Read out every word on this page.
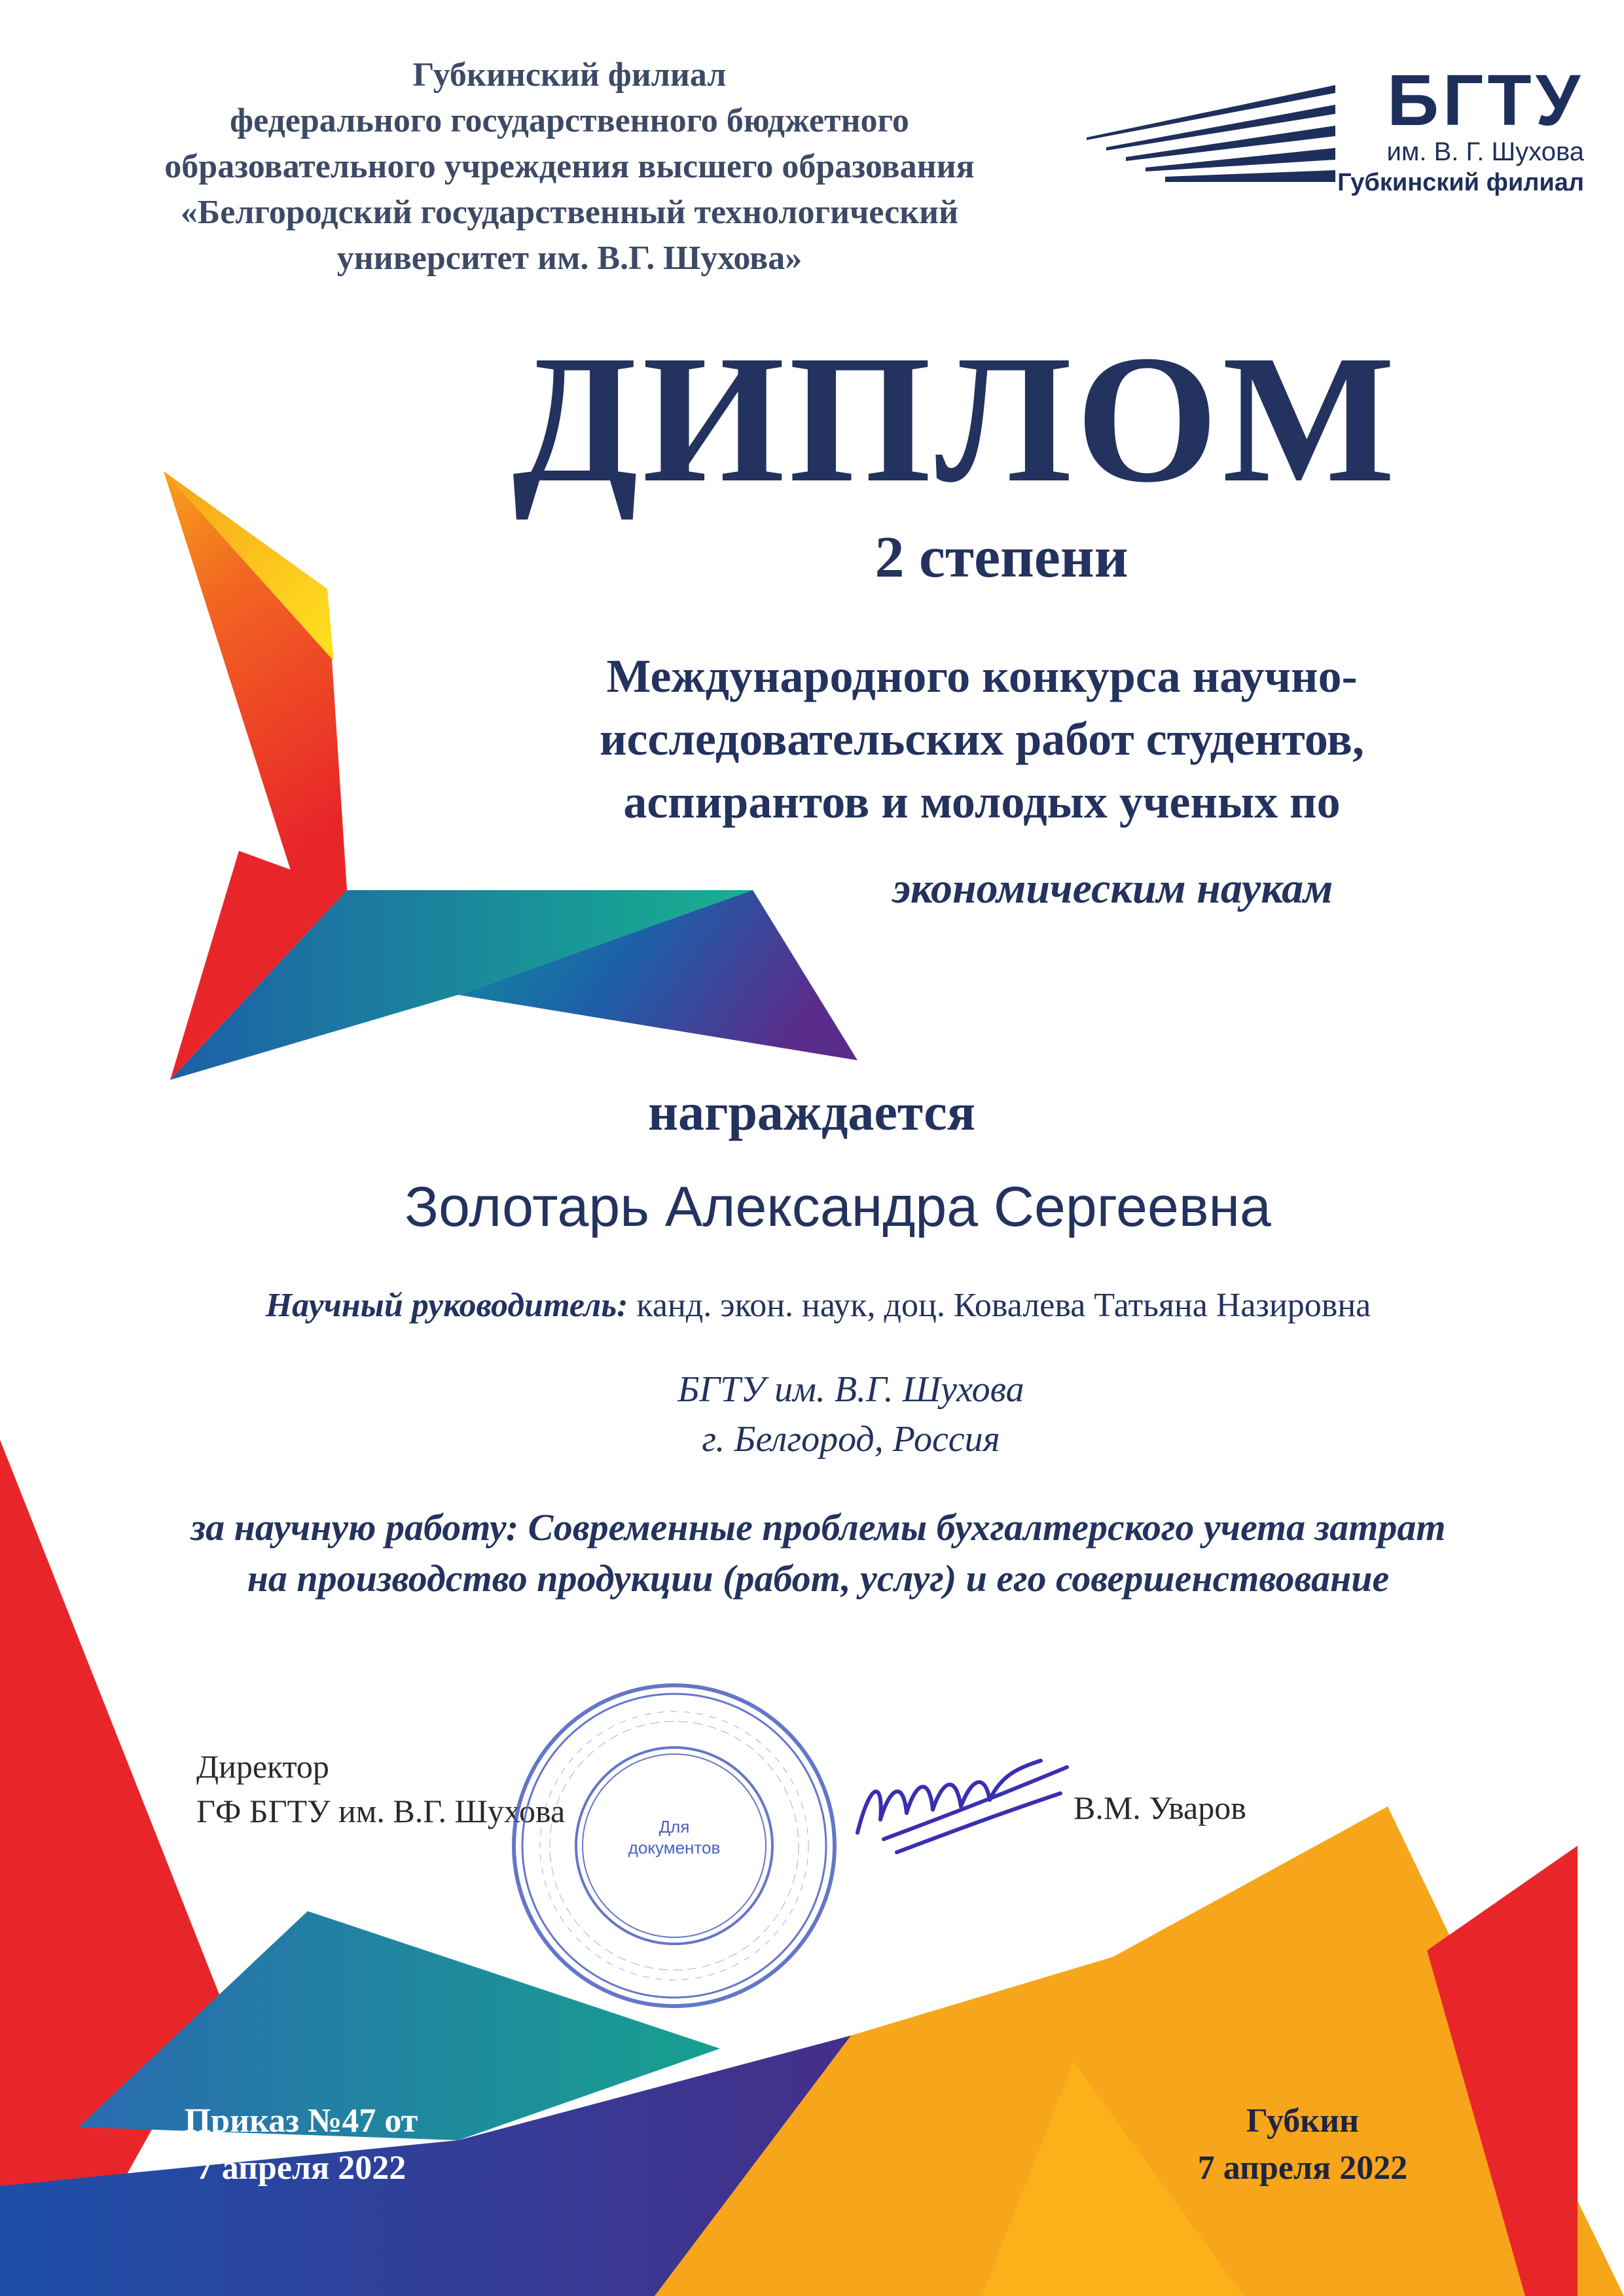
Губкинский филиал
федерального государственного бюджетного
образовательного учреждения высшего образования
«Белгородский государственный технологический
университет им. В.Г. Шухова»
БГТУ
им. В. Г. Шухова
Губкинский филиал
ДИПЛОМ
2 степени
Международного конкурса научно-
исследовательских работ студентов,
аспирантов и молодых ученых по
экономическим наукам
награждается
Золотарь Александра Сергеевна
Научный руководитель: канд. экон. наук, доц. Ковалева Татьяна Назировна
БГТУ им. В.Г. Шухова
г. Белгород, Россия
за научную работу: Современные проблемы бухгалтерского учета затрат
на производство продукции (работ, услуг) и его совершенствование
Директор
ГФ БГТУ им. В.Г. Шухова	Для документов
В.М. Уваров
Приказ №47 от
7 апреля 2022
Губкин
7 апреля 2022
